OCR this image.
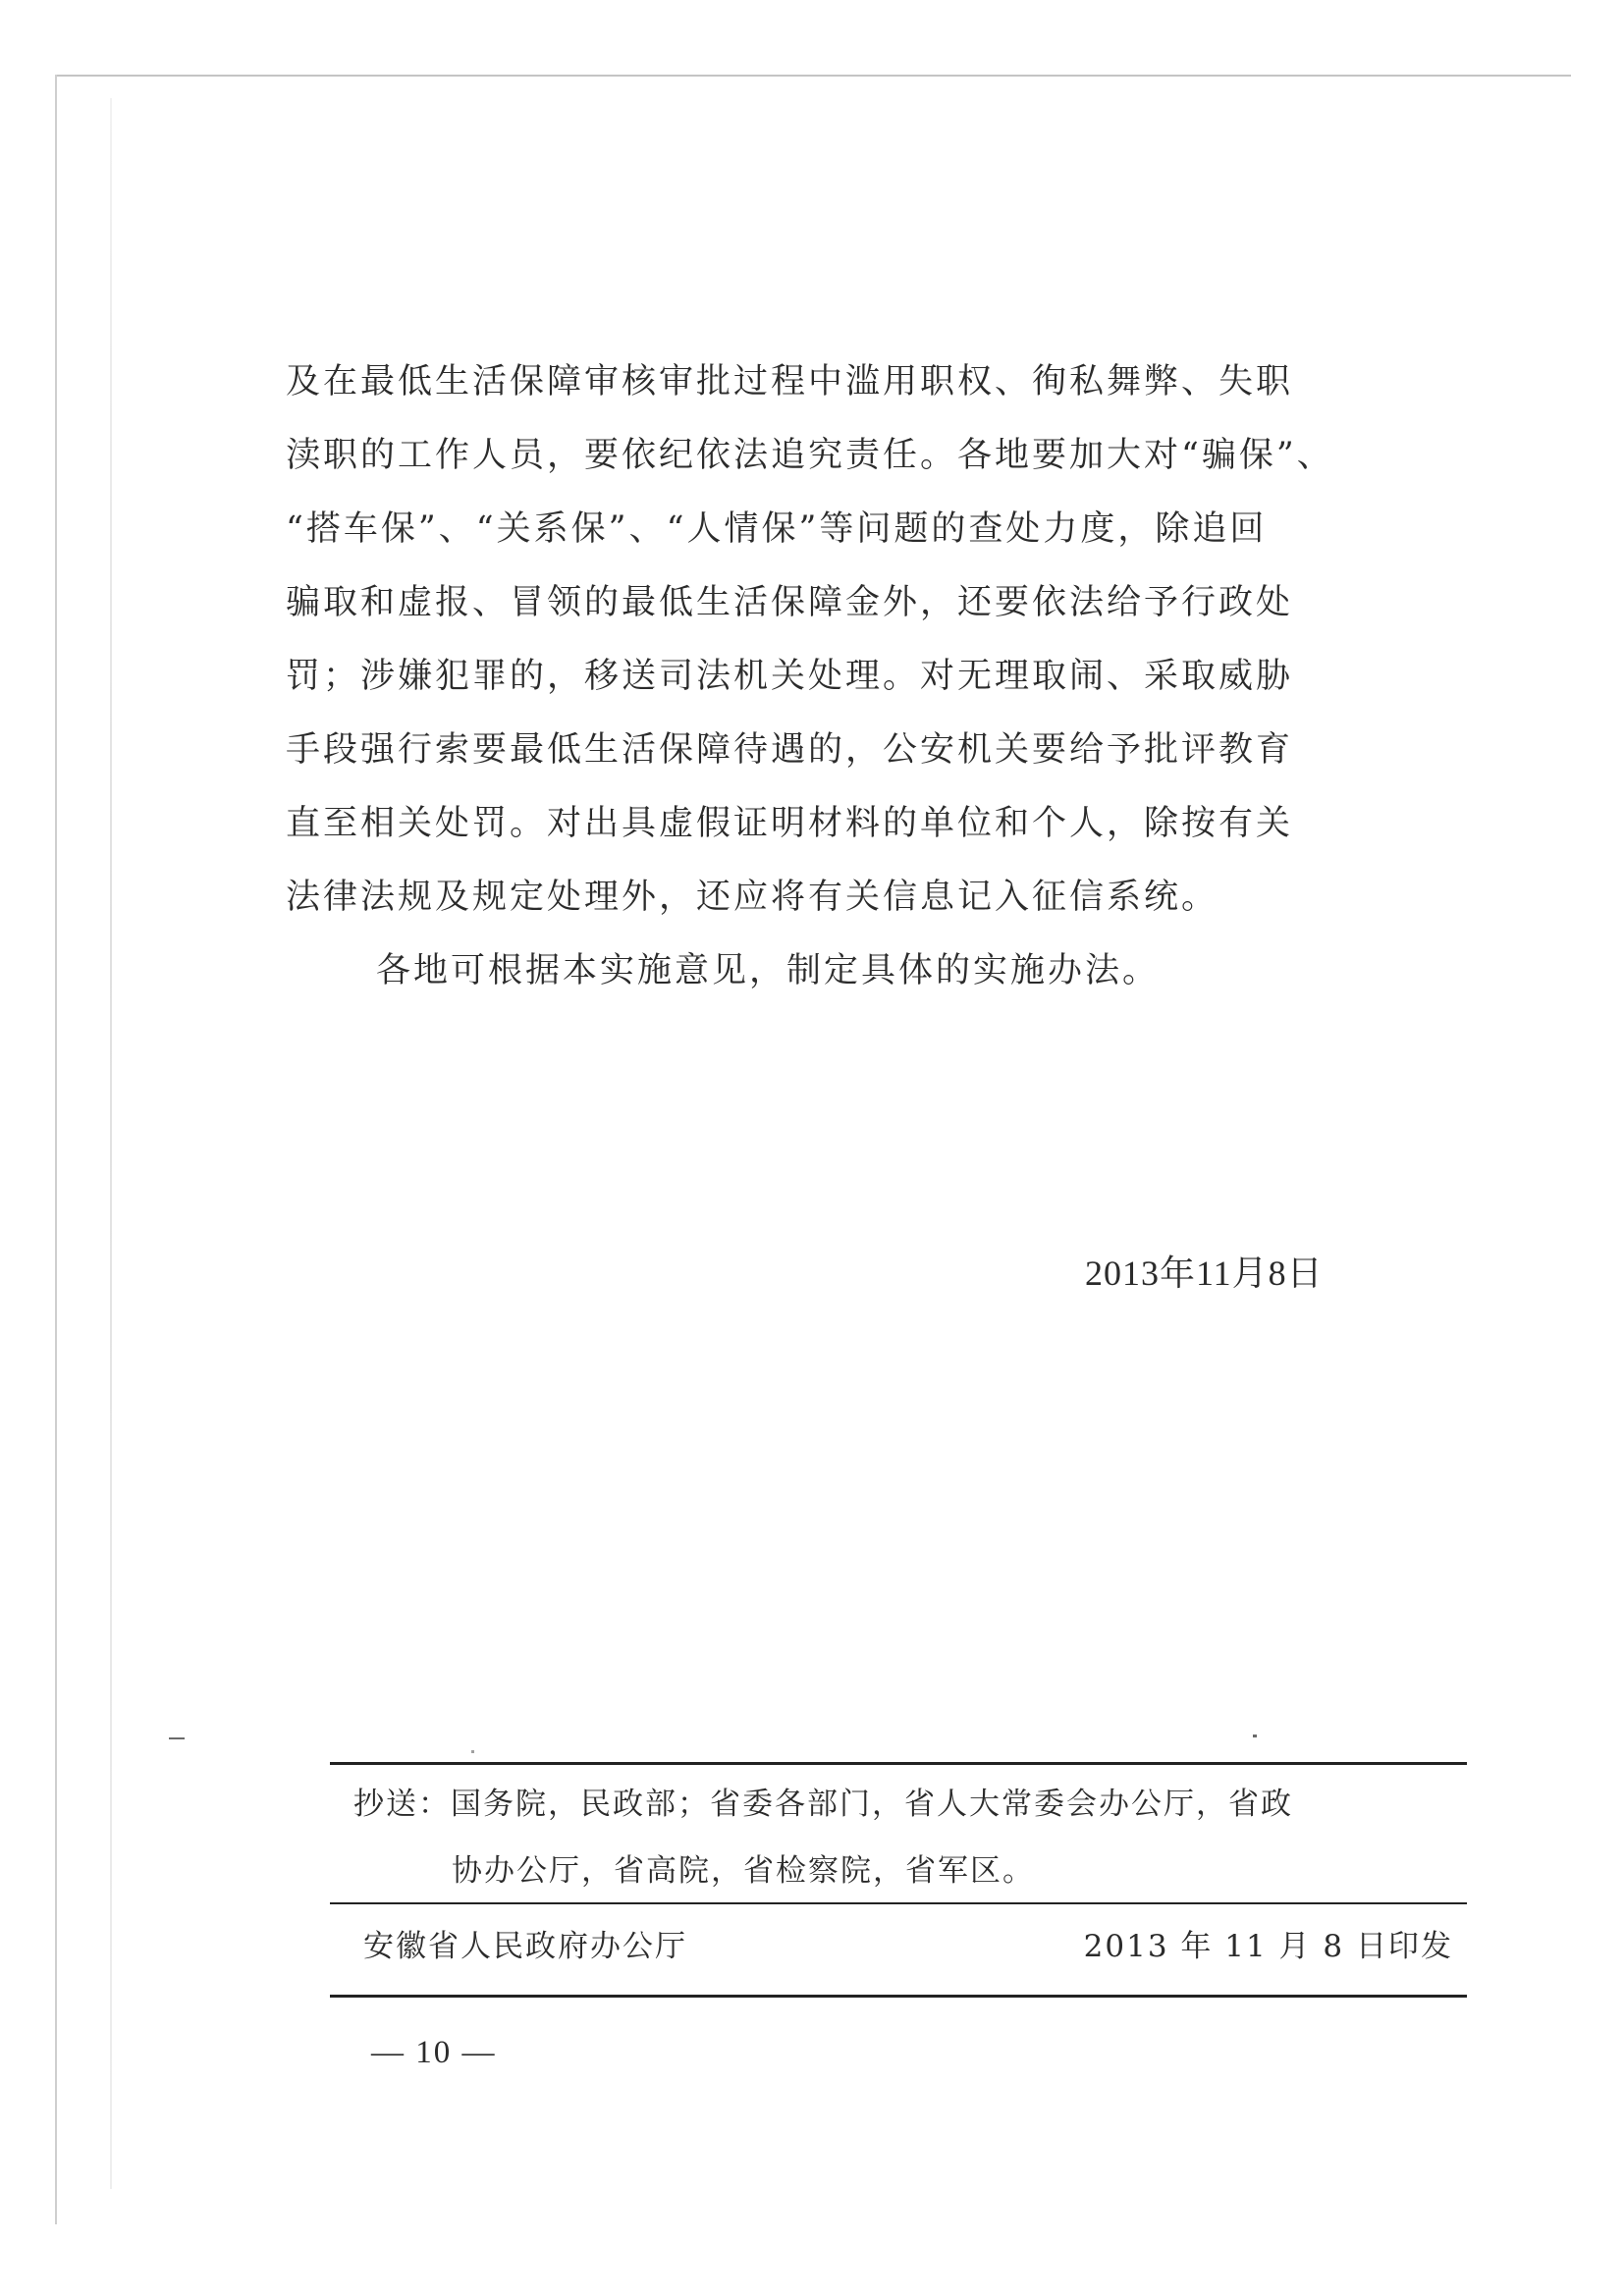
及在最低生活保障审核审批过程中滥用职权、徇私舞弊、失职

渎职的工作人员，要依纪依法追究责任。各地要加大对“骗保”、

“搭车保”、“关系保”、“人情保”等问题的查处力度，除追回

骗取和虚报、冒领的最低生活保障金外，还要依法给予行政处

罚；涉嫌犯罪的，移送司法机关处理。对无理取闹、采取威胁

手段强行索要最低生活保障待遇的，公安机关要给予批评教育

直至相关处罚。对出具虚假证明材料的单位和个人，除按有关

法律法规及规定处理外，还应将有关信息记入征信系统。

各地可根据本实施意见，制定具体的实施办法。

2013年11月8日
抄送：国务院，民政部；省委各部门，省人大常委会办公厅，省政
协办公厅，省高院，省检察院，省军区。
安徽省人民政府办公厅	2013 年 11 月 8 日印发
— 10 —
